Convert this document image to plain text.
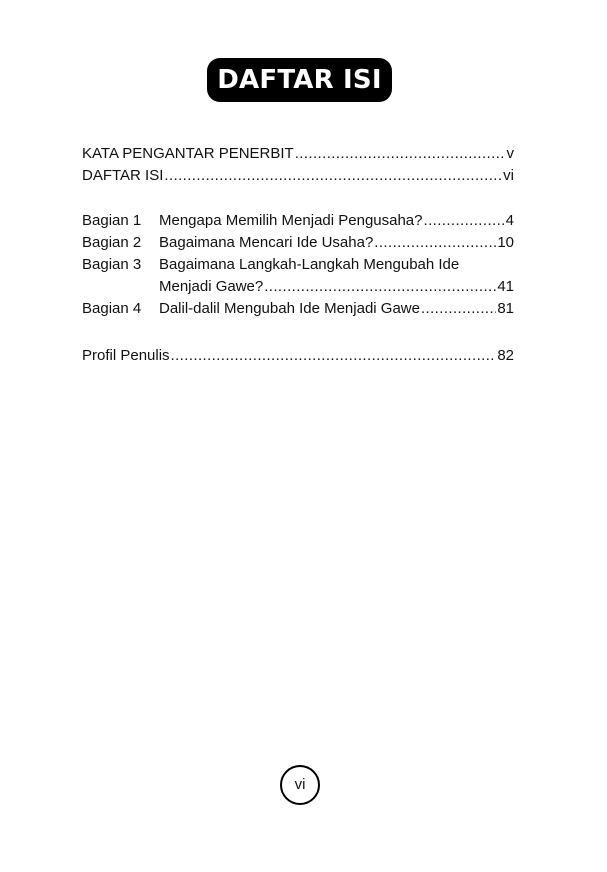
DAFTAR ISI
KATA PENGANTAR PENERBIT .....	v
DAFTAR ISI .....	vi
Bagian 1	Mengapa Memilih Menjadi Pengusaha? .....	4
Bagian 2	Bagaimana Mencari Ide Usaha? .....	10
Bagian 3	Bagaimana Langkah-Langkah Mengubah Ide
Menjadi Gawe? .....	41
Bagian 4	Dalil-dalil Mengubah Ide Menjadi Gawe .....	81
Profil Penulis .....	82
vi
